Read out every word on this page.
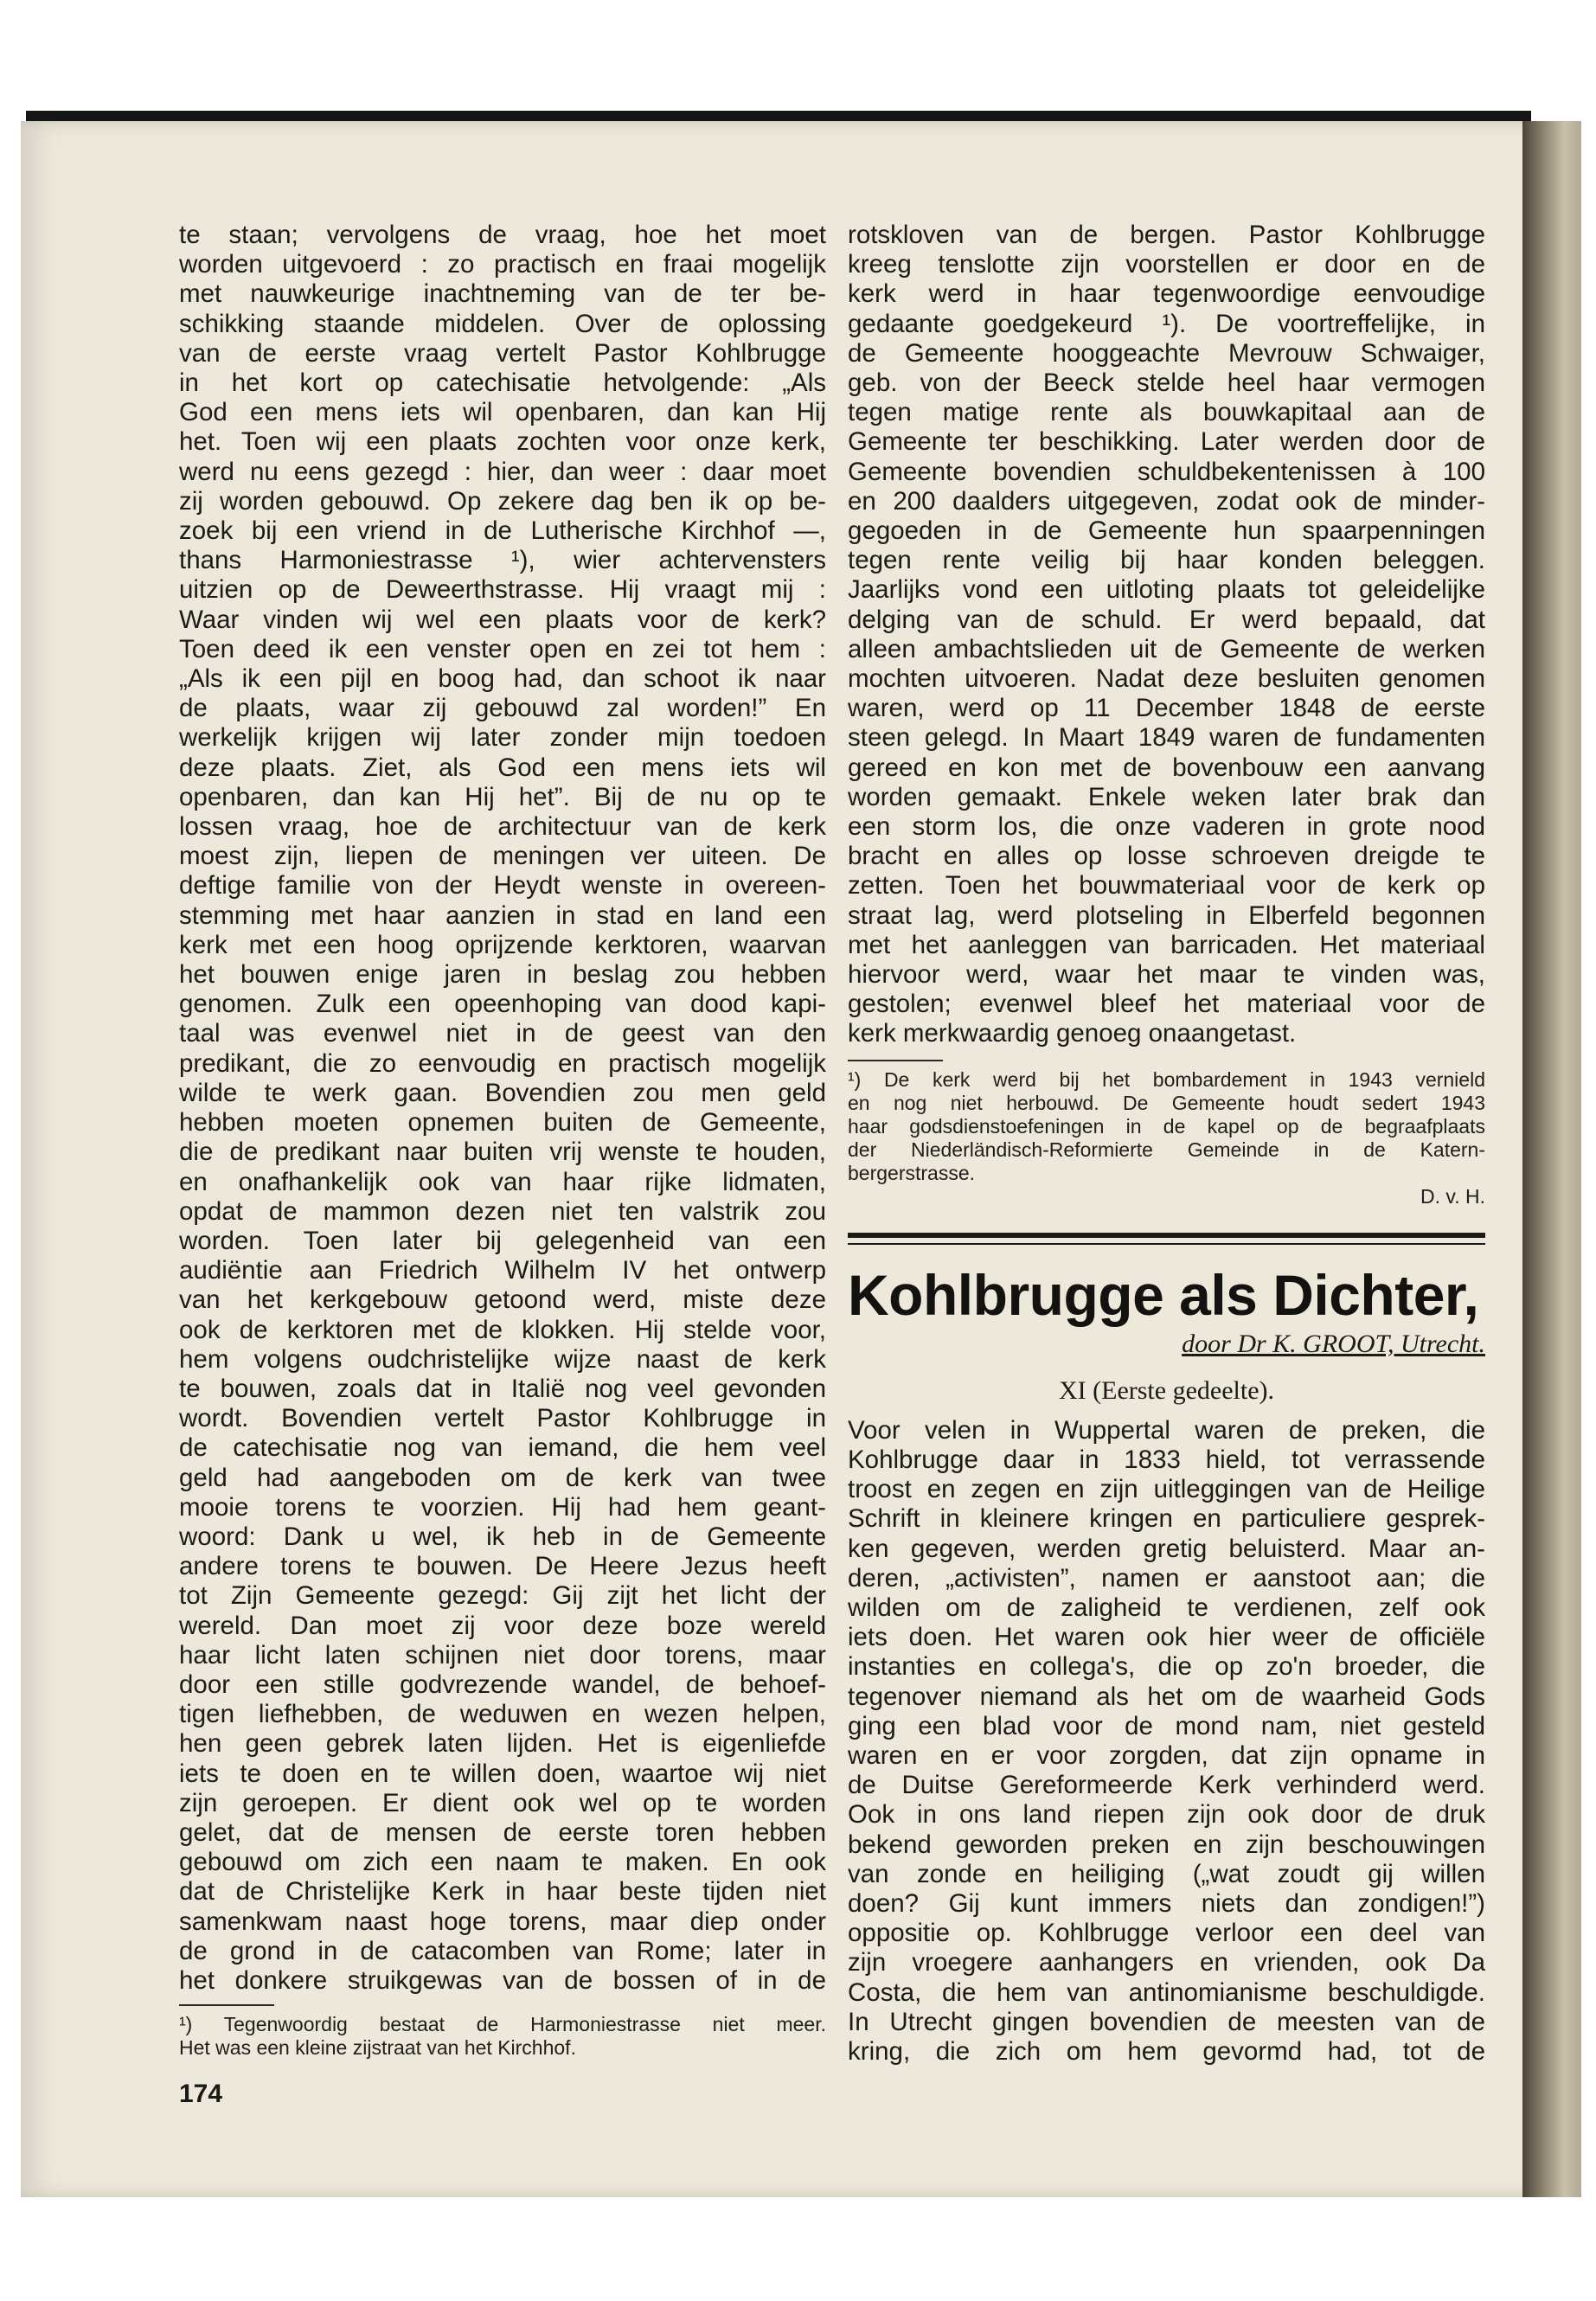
te staan; vervolgens de vraag, hoe het moet
worden uitgevoerd : zo practisch en fraai mogelijk
met nauwkeurige inachtneming van de ter be-
schikking staande middelen. Over de oplossing
van de eerste vraag vertelt Pastor Kohlbrugge
in het kort op catechisatie hetvolgende: „Als
God een mens iets wil openbaren, dan kan Hij
het. Toen wij een plaats zochten voor onze kerk,
werd nu eens gezegd : hier, dan weer : daar moet
zij worden gebouwd. Op zekere dag ben ik op be-
zoek bij een vriend in de Lutherische Kirchhof —,
thans Harmoniestrasse ¹), wier achtervensters
uitzien op de Deweerthstrasse. Hij vraagt mij :
Waar vinden wij wel een plaats voor de kerk?
Toen deed ik een venster open en zei tot hem :
„Als ik een pijl en boog had, dan schoot ik naar
de plaats, waar zij gebouwd zal worden!” En
werkelijk krijgen wij later zonder mijn toedoen
deze plaats. Ziet, als God een mens iets wil
openbaren, dan kan Hij het”. Bij de nu op te
lossen vraag, hoe de architectuur van de kerk
moest zijn, liepen de meningen ver uiteen. De
deftige familie von der Heydt wenste in overeen-
stemming met haar aanzien in stad en land een
kerk met een hoog oprijzende kerktoren, waarvan
het bouwen enige jaren in beslag zou hebben
genomen. Zulk een opeenhoping van dood kapi-
taal was evenwel niet in de geest van den
predikant, die zo eenvoudig en practisch mogelijk
wilde te werk gaan. Bovendien zou men geld
hebben moeten opnemen buiten de Gemeente,
die de predikant naar buiten vrij wenste te houden,
en onafhankelijk ook van haar rijke lidmaten,
opdat de mammon dezen niet ten valstrik zou
worden. Toen later bij gelegenheid van een
audiëntie aan Friedrich Wilhelm IV het ontwerp
van het kerkgebouw getoond werd, miste deze
ook de kerktoren met de klokken. Hij stelde voor,
hem volgens oudchristelijke wijze naast de kerk
te bouwen, zoals dat in Italië nog veel gevonden
wordt. Bovendien vertelt Pastor Kohlbrugge in
de catechisatie nog van iemand, die hem veel
geld had aangeboden om de kerk van twee
mooie torens te voorzien. Hij had hem geant-
woord: Dank u wel, ik heb in de Gemeente
andere torens te bouwen. De Heere Jezus heeft
tot Zijn Gemeente gezegd: Gij zijt het licht der
wereld. Dan moet zij voor deze boze wereld
haar licht laten schijnen niet door torens, maar
door een stille godvrezende wandel, de behoef-
tigen liefhebben, de weduwen en wezen helpen,
hen geen gebrek laten lijden. Het is eigenliefde
iets te doen en te willen doen, waartoe wij niet
zijn geroepen. Er dient ook wel op te worden
gelet, dat de mensen de eerste toren hebben
gebouwd om zich een naam te maken. En ook
dat de Christelijke Kerk in haar beste tijden niet
samenkwam naast hoge torens, maar diep onder
de grond in de catacomben van Rome; later in
het donkere struikgewas van de bossen of in de
¹) Tegenwoordig bestaat de Harmoniestrasse niet meer.
Het was een kleine zijstraat van het Kirchhof.
174
rotskloven van de bergen. Pastor Kohlbrugge
kreeg tenslotte zijn voorstellen er door en de
kerk werd in haar tegenwoordige eenvoudige
gedaante goedgekeurd ¹). De voortreffelijke, in
de Gemeente hooggeachte Mevrouw Schwaiger,
geb. von der Beeck stelde heel haar vermogen
tegen matige rente als bouwkapitaal aan de
Gemeente ter beschikking. Later werden door de
Gemeente bovendien schuldbekentenissen à 100
en 200 daalders uitgegeven, zodat ook de minder-
gegoeden in de Gemeente hun spaarpenningen
tegen rente veilig bij haar konden beleggen.
Jaarlijks vond een uitloting plaats tot geleidelijke
delging van de schuld. Er werd bepaald, dat
alleen ambachtslieden uit de Gemeente de werken
mochten uitvoeren. Nadat deze besluiten genomen
waren, werd op 11 December 1848 de eerste
steen gelegd. In Maart 1849 waren de fundamenten
gereed en kon met de bovenbouw een aanvang
worden gemaakt. Enkele weken later brak dan
een storm los, die onze vaderen in grote nood
bracht en alles op losse schroeven dreigde te
zetten. Toen het bouwmateriaal voor de kerk op
straat lag, werd plotseling in Elberfeld begonnen
met het aanleggen van barricaden. Het materiaal
hiervoor werd, waar het maar te vinden was,
gestolen; evenwel bleef het materiaal voor de
kerk merkwaardig genoeg onaangetast.
¹) De kerk werd bij het bombardement in 1943 vernield
en nog niet herbouwd. De Gemeente houdt sedert 1943
haar godsdienstoefeningen in de kapel op de begraafplaats
der Niederländisch-Reformierte Gemeinde in de Katern-
bergerstrasse.
D. v. H.
Kohlbrugge als Dichter,
door Dr K. GROOT, Utrecht.
XI (Eerste gedeelte).
Voor velen in Wuppertal waren de preken, die
Kohlbrugge daar in 1833 hield, tot verrassende
troost en zegen en zijn uitleggingen van de Heilige
Schrift in kleinere kringen en particuliere gesprek-
ken gegeven, werden gretig beluisterd. Maar an-
deren, „activisten”, namen er aanstoot aan; die
wilden om de zaligheid te verdienen, zelf ook
iets doen. Het waren ook hier weer de officiële
instanties en collega's, die op zo'n broeder, die
tegenover niemand als het om de waarheid Gods
ging een blad voor de mond nam, niet gesteld
waren en er voor zorgden, dat zijn opname in
de Duitse Gereformeerde Kerk verhinderd werd.
Ook in ons land riepen zijn ook door de druk
bekend geworden preken en zijn beschouwingen
van zonde en heiliging („wat zoudt gij willen
doen? Gij kunt immers niets dan zondigen!”)
oppositie op. Kohlbrugge verloor een deel van
zijn vroegere aanhangers en vrienden, ook Da
Costa, die hem van antinomianisme beschuldigde.
In Utrecht gingen bovendien de meesten van de
kring, die zich om hem gevormd had, tot de
